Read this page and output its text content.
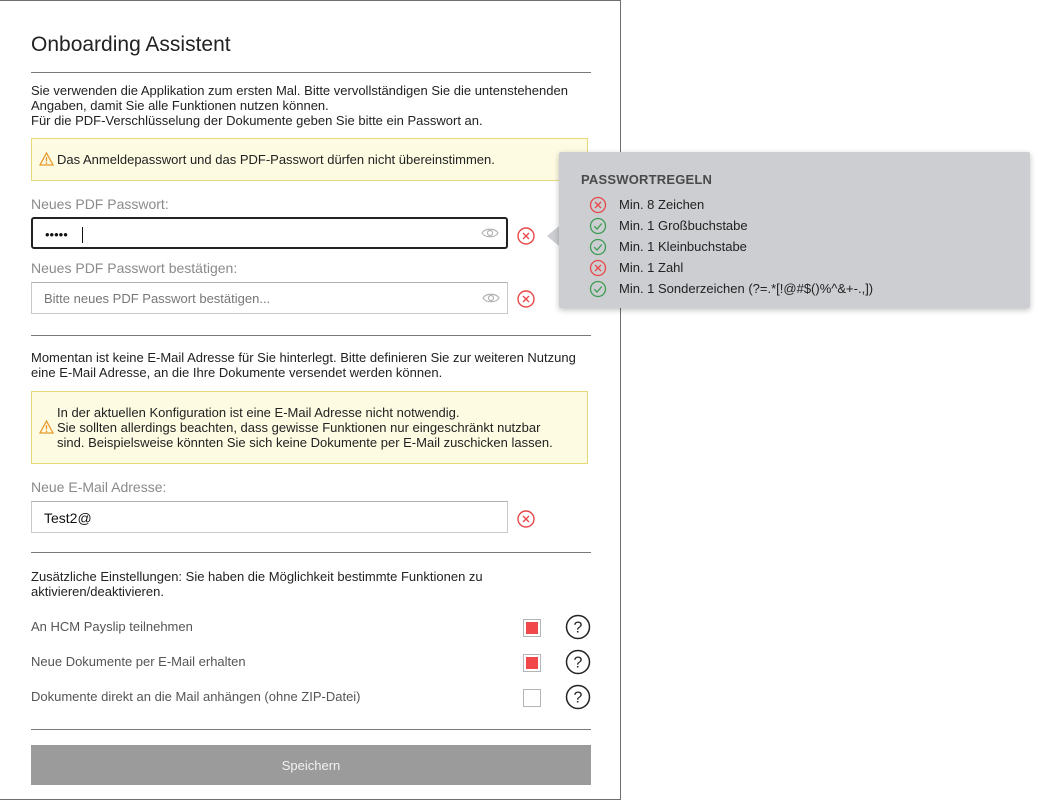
Onboarding Assistent
Sie verwenden die Applikation zum ersten Mal. Bitte vervollständigen Sie die untenstehenden
Angaben, damit Sie alle Funktionen nutzen können.
Für die PDF-Verschlüsselung der Dokumente geben Sie bitte ein Passwort an.
Das Anmeldepasswort und das PDF-Passwort dürfen nicht übereinstimmen.
Neues PDF Passwort:
•••••
Neues PDF Passwort bestätigen:
Bitte neues PDF Passwort bestätigen...
Momentan ist keine E-Mail Adresse für Sie hinterlegt. Bitte definieren Sie zur weiteren Nutzung
eine E-Mail Adresse, an die Ihre Dokumente versendet werden können.
In der aktuellen Konfiguration ist eine E-Mail Adresse nicht notwendig.
Sie sollten allerdings beachten, dass gewisse Funktionen nur eingeschränkt nutzbar
sind. Beispielsweise könnten Sie sich keine Dokumente per E-Mail zuschicken lassen.
Neue E-Mail Adresse:
Test2@
Zusätzliche Einstellungen: Sie haben die Möglichkeit bestimmte Funktionen zu
aktivieren/deaktivieren.
An HCM Payslip teilnehmen	?
Neue Dokumente per E-Mail erhalten	?
Dokumente direkt an die Mail anhängen (ohne ZIP-Datei)	?
Speichern
PASSWORTREGELN
Min. 8 Zeichen
Min. 1 Großbuchstabe
Min. 1 Kleinbuchstabe
Min. 1 Zahl
Min. 1 Sonderzeichen (?=.*[!@#$()%^&+-.,])
